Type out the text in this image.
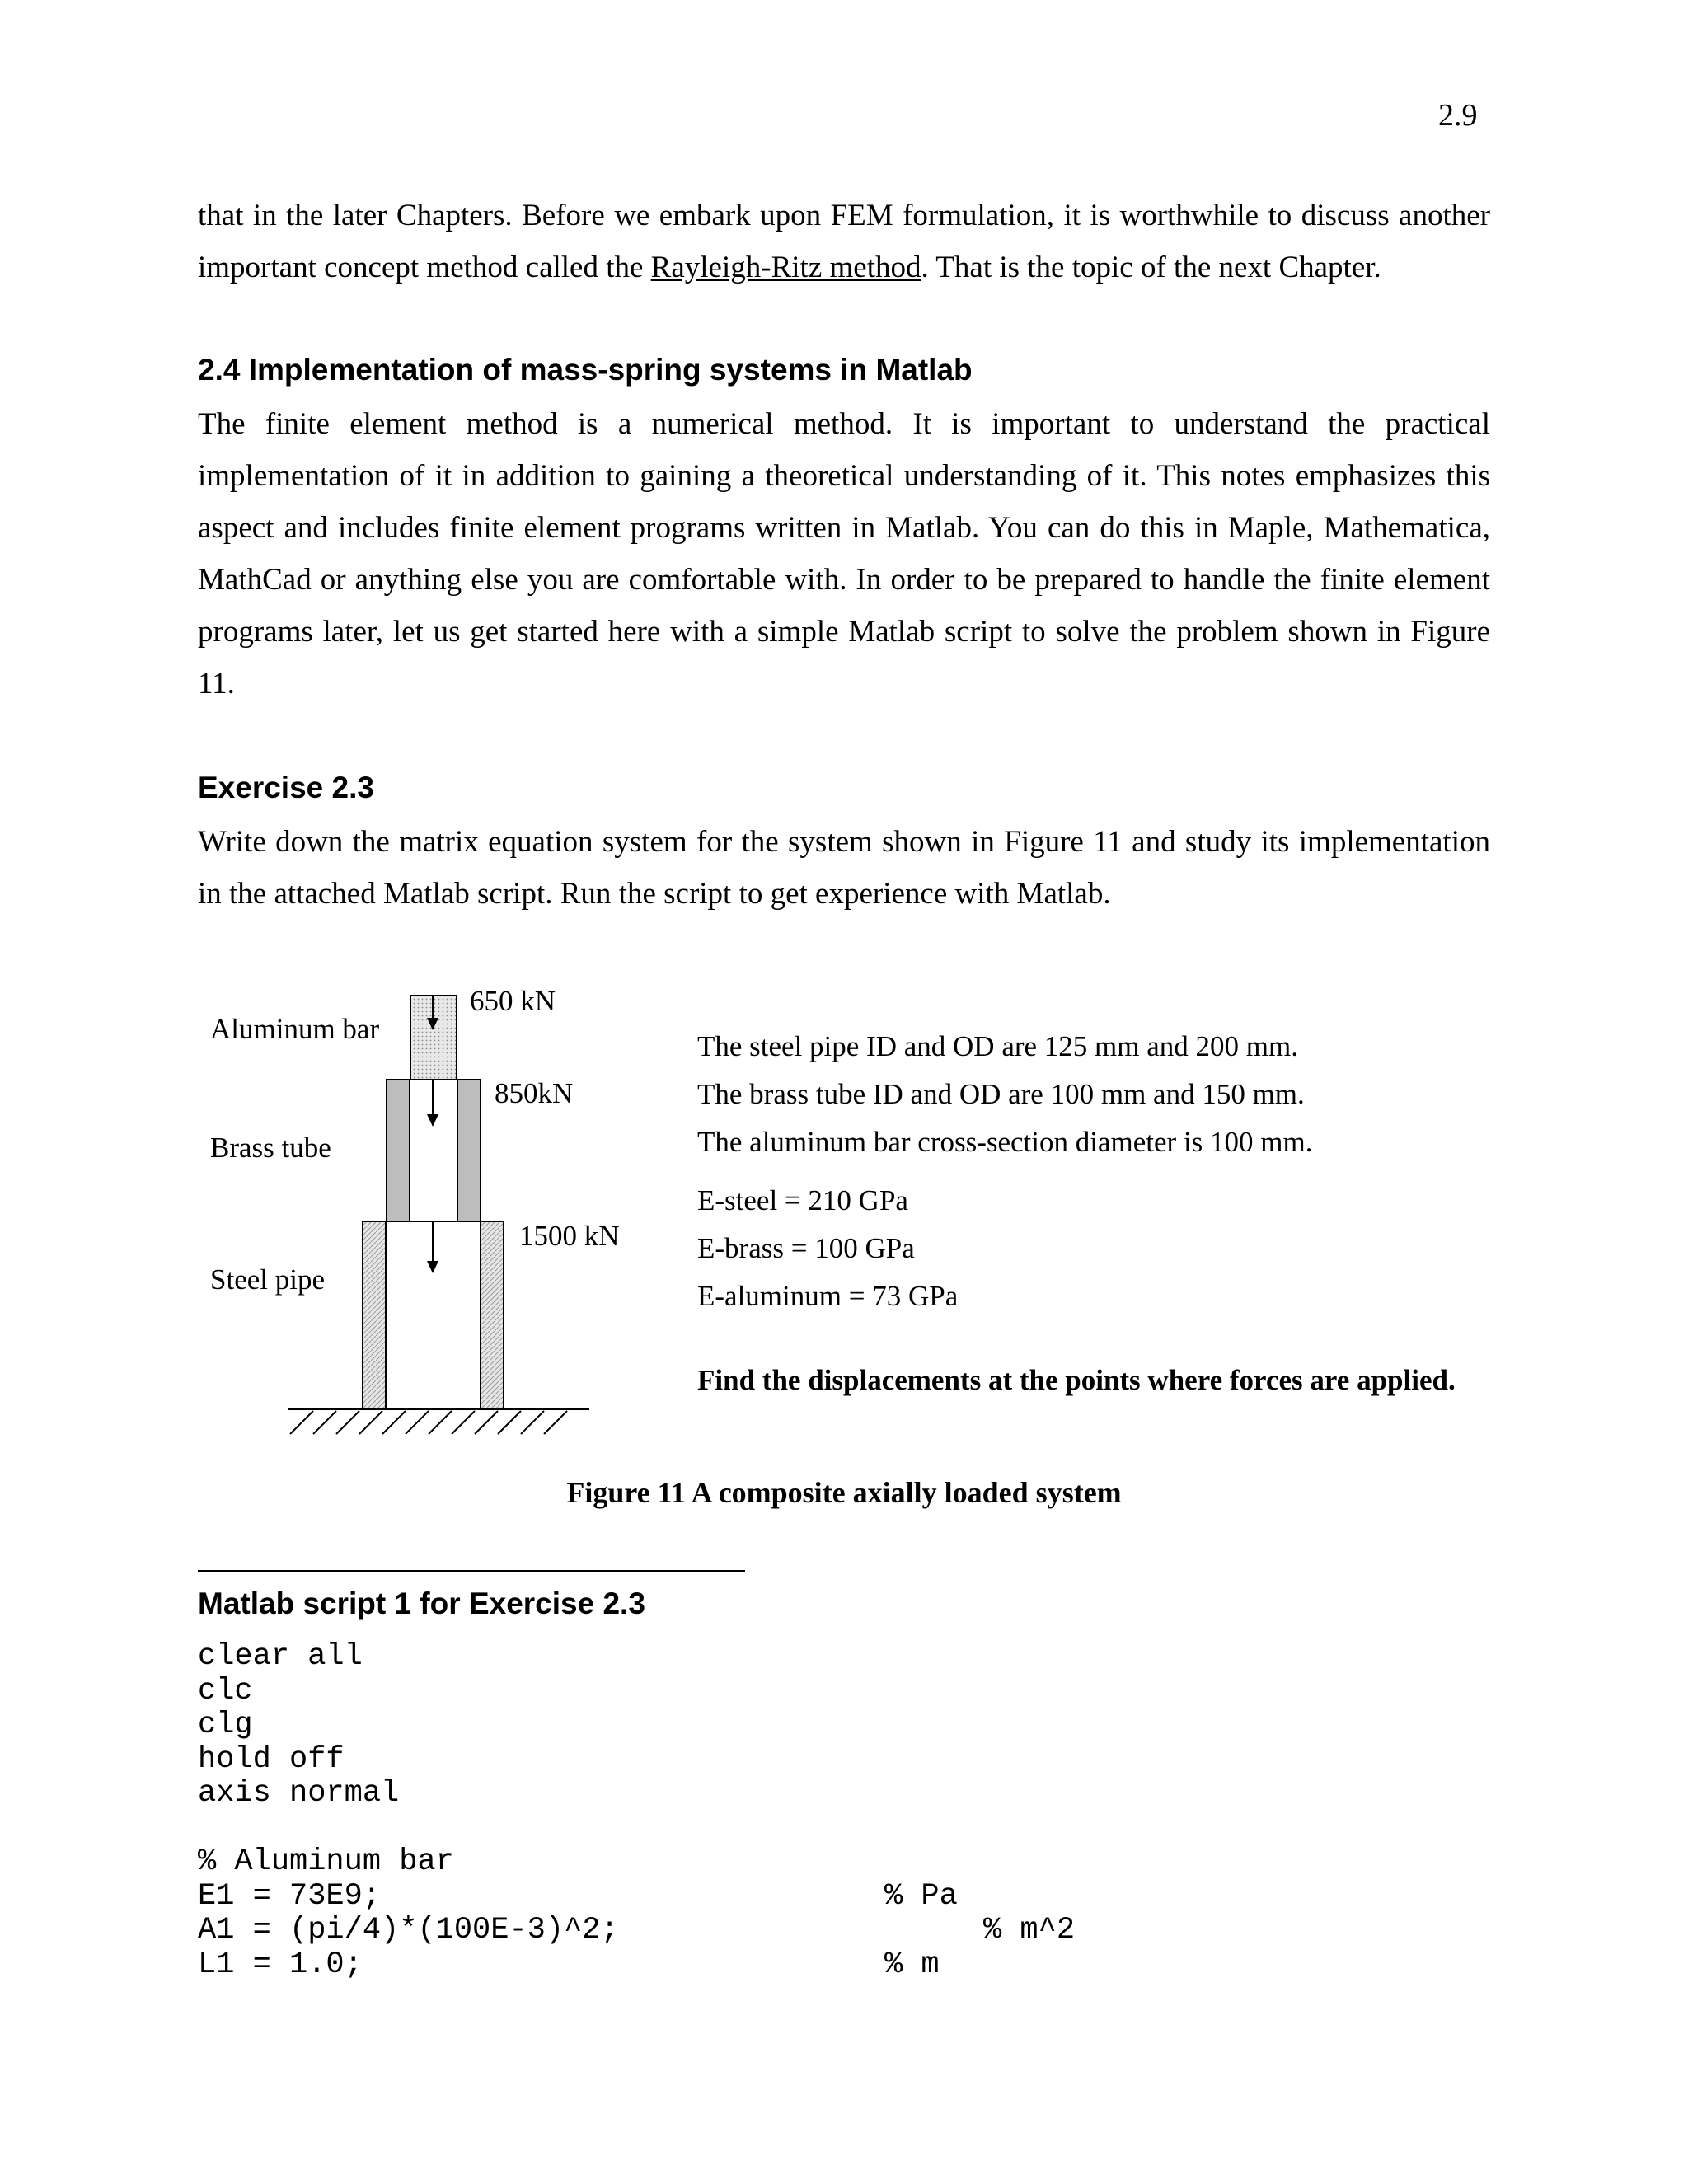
2.9

that in the later Chapters. Before we embark upon FEM formulation, it is worthwhile to discuss another important concept method called the Rayleigh-Ritz method. That is the topic of the next Chapter.

2.4 Implementation of mass-spring systems in Matlab

The finite element method is a numerical method. It is important to understand the practical implementation of it in addition to gaining a theoretical understanding of it. This notes emphasizes this aspect and includes finite element programs written in Matlab. You can do this in Maple, Mathematica, MathCad or anything else you are comfortable with. In order to be prepared to handle the finite element programs later, let us get started here with a simple Matlab script to solve the problem shown in Figure 11.

Exercise 2.3

Write down the matrix equation system for the system shown in Figure 11 and study its implementation in the attached Matlab script. Run the script to get experience with Matlab.

Aluminum bar
Brass tube
Steel pipe
650 kN
850kN
1500 kN
The steel pipe ID and OD are 125 mm and 200 mm.
The brass tube ID and OD are 100 mm and 150 mm.
The aluminum bar cross-section diameter is 100 mm.
E-steel = 210 GPa
E-brass = 100 GPa
E-aluminum = 73 GPa
Find the displacements at the points where forces are applied.
Figure 11 A composite axially loaded system
Matlab script 1 for Exercise 2.3
clear all
clc
clg
hold off
axis normal
% Aluminum bar
E1 = 73E9;	% Pa
A1 = (pi/4)*(100E-3)^2;	% m^2
L1 = 1.0;	% m
